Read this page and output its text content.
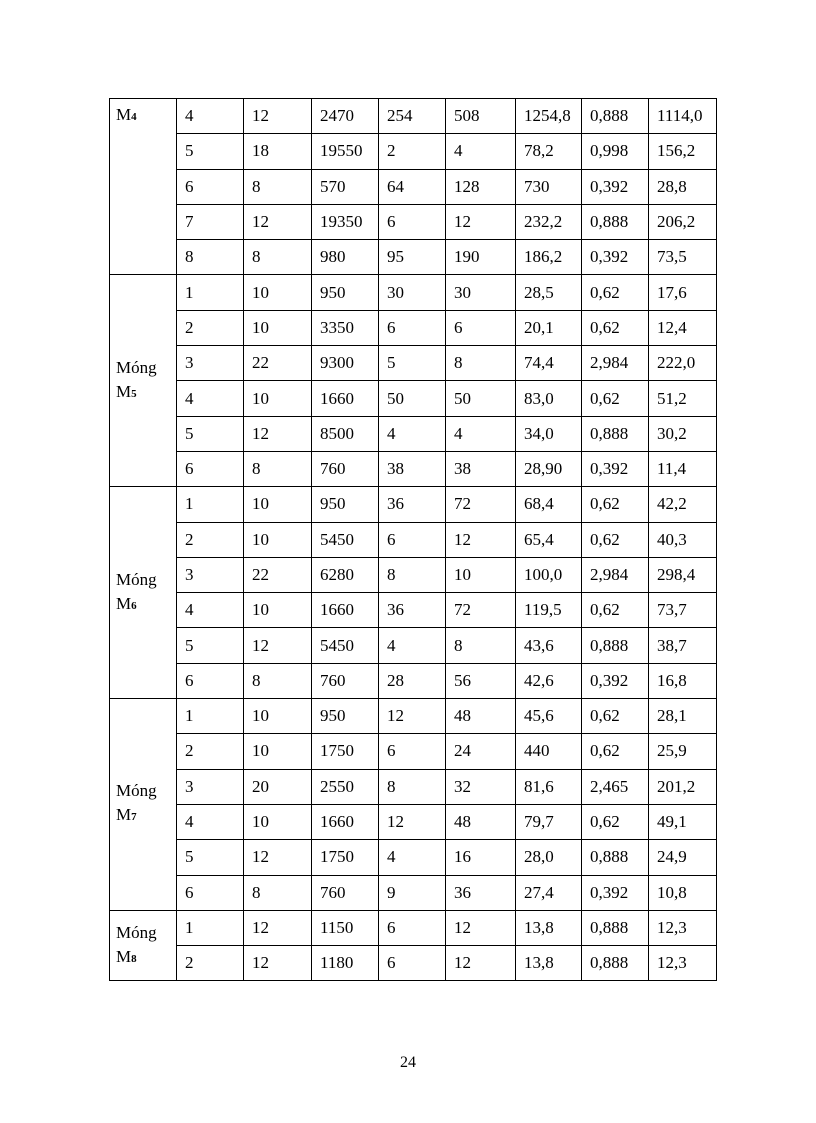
M4	4	12	2470	254	508	1254,8	0,888	1114,0
	5	18	19550	2	4	78,2	0,998	156,2
	6	8	570	64	128	730	0,392	28,8
	7	12	19350	6	12	232,2	0,888	206,2
	8	8	980	95	190	186,2	0,392	73,5
Móng
M5	1	10	950	30	30	28,5	0,62	17,6
	2	10	3350	6	6	20,1	0,62	12,4
	3	22	9300	5	8	74,4	2,984	222,0
	4	10	1660	50	50	83,0	0,62	51,2
	5	12	8500	4	4	34,0	0,888	30,2
	6	8	760	38	38	28,90	0,392	11,4
Móng
M6	1	10	950	36	72	68,4	0,62	42,2
	2	10	5450	6	12	65,4	0,62	40,3
	3	22	6280	8	10	100,0	2,984	298,4
	4	10	1660	36	72	119,5	0,62	73,7
	5	12	5450	4	8	43,6	0,888	38,7
	6	8	760	28	56	42,6	0,392	16,8
Móng
M7	1	10	950	12	48	45,6	0,62	28,1
	2	10	1750	6	24	440	0,62	25,9
	3	20	2550	8	32	81,6	2,465	201,2
	4	10	1660	12	48	79,7	0,62	49,1
	5	12	1750	4	16	28,0	0,888	24,9
	6	8	760	9	36	27,4	0,392	10,8
Móng
M8	1	12	1150	6	12	13,8	0,888	12,3
	2	12	1180	6	12	13,8	0,888	12,3
24
